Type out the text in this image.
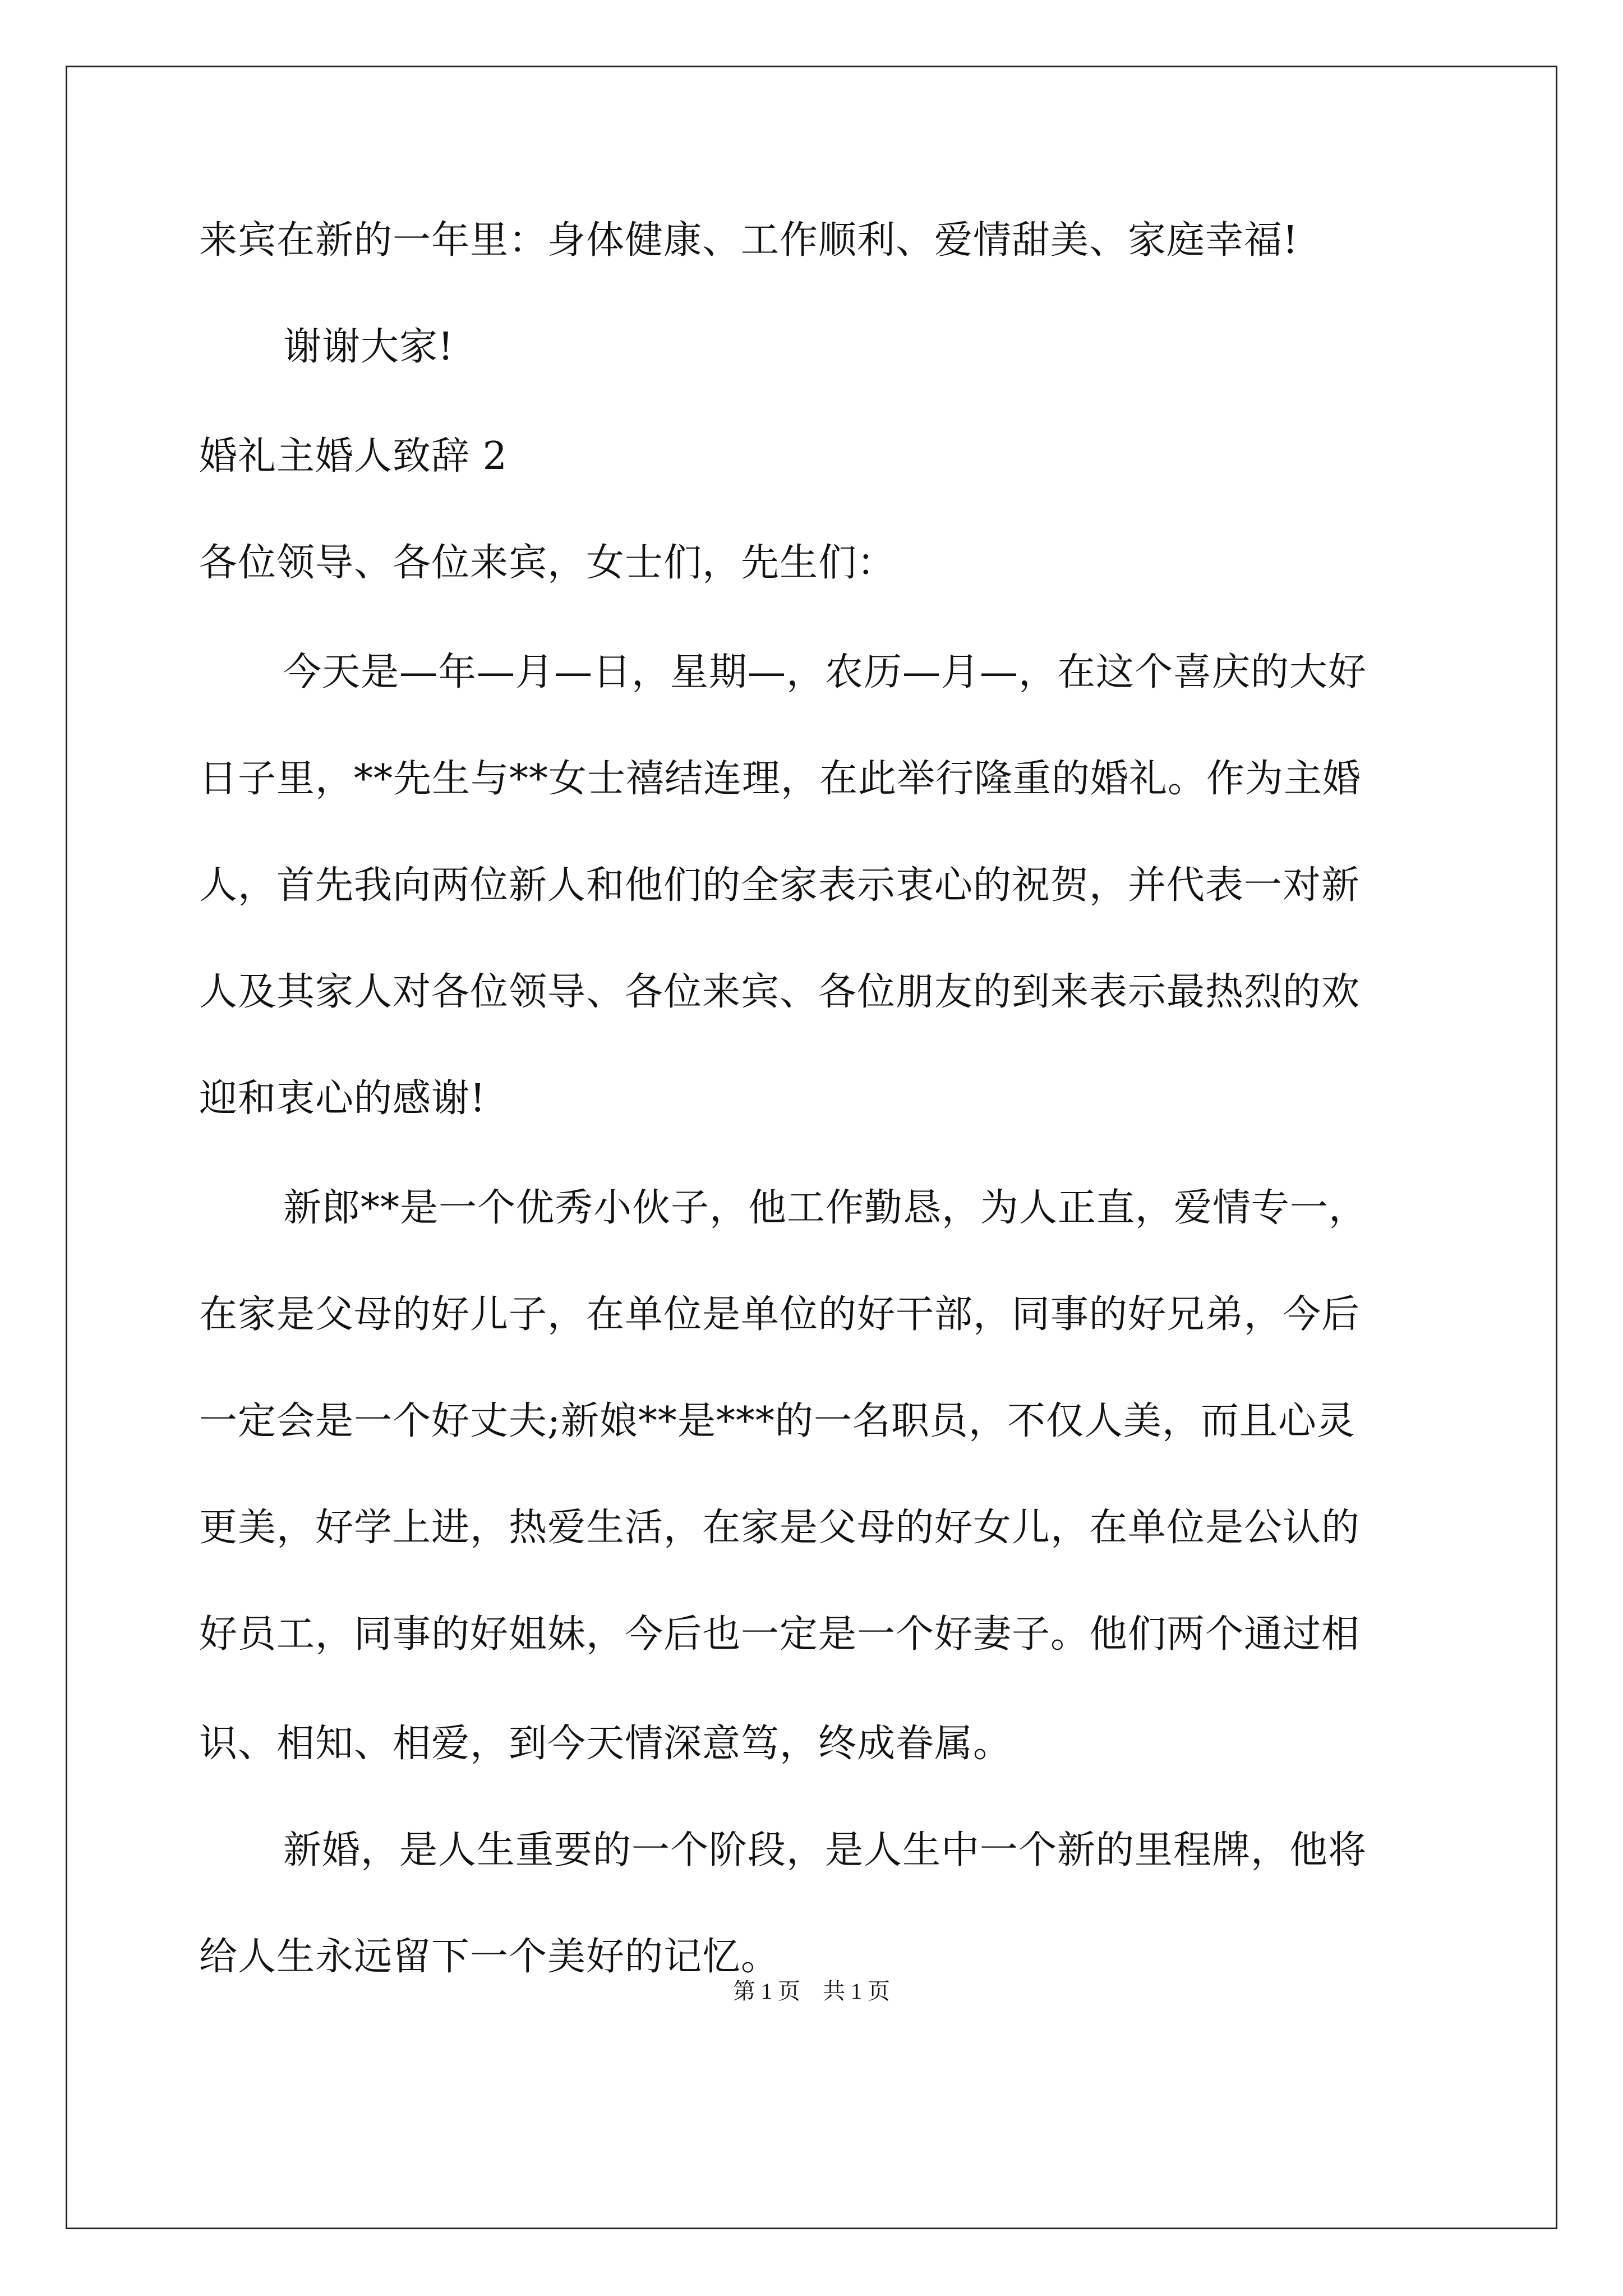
来宾在新的一年里：身体健康、工作顺利、爱情甜美、家庭幸福!
谢谢大家!
婚礼主婚人致辞 2
各位领导、各位来宾，女士们，先生们：
今天是—年—月—日，星期—，农历—月—，在这个喜庆的大好
日子里，**先生与**女士禧结连理，在此举行隆重的婚礼。作为主婚
人，首先我向两位新人和他们的全家表示衷心的祝贺，并代表一对新
人及其家人对各位领导、各位来宾、各位朋友的到来表示最热烈的欢
迎和衷心的感谢!
新郎**是一个优秀小伙子，他工作勤恳，为人正直，爱情专一，
在家是父母的好儿子，在单位是单位的好干部，同事的好兄弟，今后
一定会是一个好丈夫;新娘**是***的一名职员，不仅人美，而且心灵
更美，好学上进，热爱生活，在家是父母的好女儿，在单位是公认的
好员工，同事的好姐妹，今后也一定是一个好妻子。他们两个通过相
识、相知、相爱，到今天情深意笃，终成眷属。
新婚，是人生重要的一个阶段，是人生中一个新的里程牌，他将
给人生永远留下一个美好的记忆。
第 1 页　共 1 页
